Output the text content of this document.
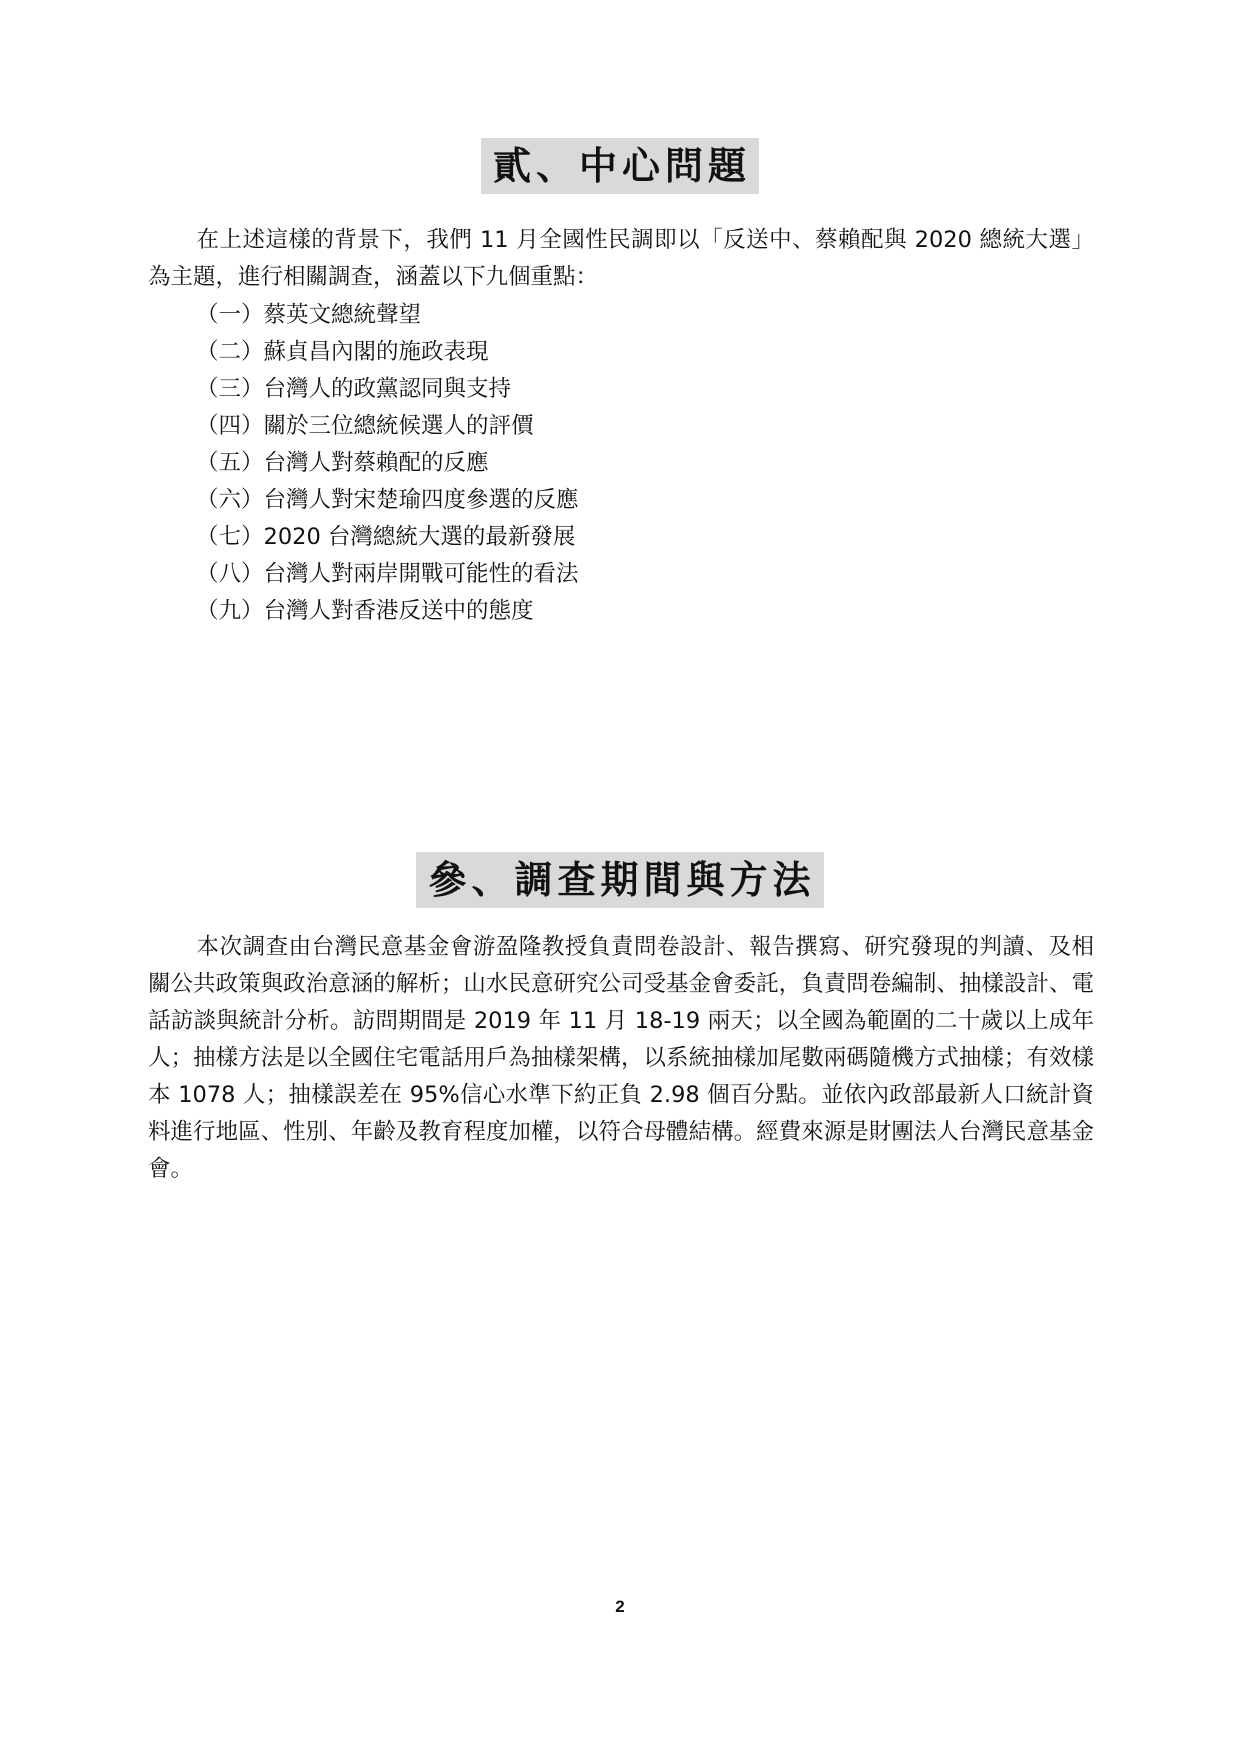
貳、中心問題

在上述這樣的背景下，我們 11 月全國性民調即以「反送中、蔡賴配與 2020 總統大選」為主題，進行相關調查，涵蓋以下九個重點：

（一）蔡英文總統聲望
（二）蘇貞昌內閣的施政表現
（三）台灣人的政黨認同與支持
（四）關於三位總統候選人的評價
（五）台灣人對蔡賴配的反應
（六）台灣人對宋楚瑜四度參選的反應
（七）2020 台灣總統大選的最新發展
（八）台灣人對兩岸開戰可能性的看法
（九）台灣人對香港反送中的態度
參、調查期間與方法

本次調查由台灣民意基金會游盈隆教授負責問卷設計、報告撰寫、研究發現的判讀、及相關公共政策與政治意涵的解析；山水民意研究公司受基金會委託，負責問卷編制、抽樣設計、電話訪談與統計分析。訪問期間是 2019 年 11 月 18-19 兩天；以全國為範圍的二十歲以上成年人；抽樣方法是以全國住宅電話用戶為抽樣架構，以系統抽樣加尾數兩碼隨機方式抽樣；有效樣本 1078 人；抽樣誤差在 95%信心水準下約正負 2.98 個百分點。並依內政部最新人口統計資料進行地區、性別、年齡及教育程度加權，以符合母體結構。經費來源是財團法人台灣民意基金會。

2
